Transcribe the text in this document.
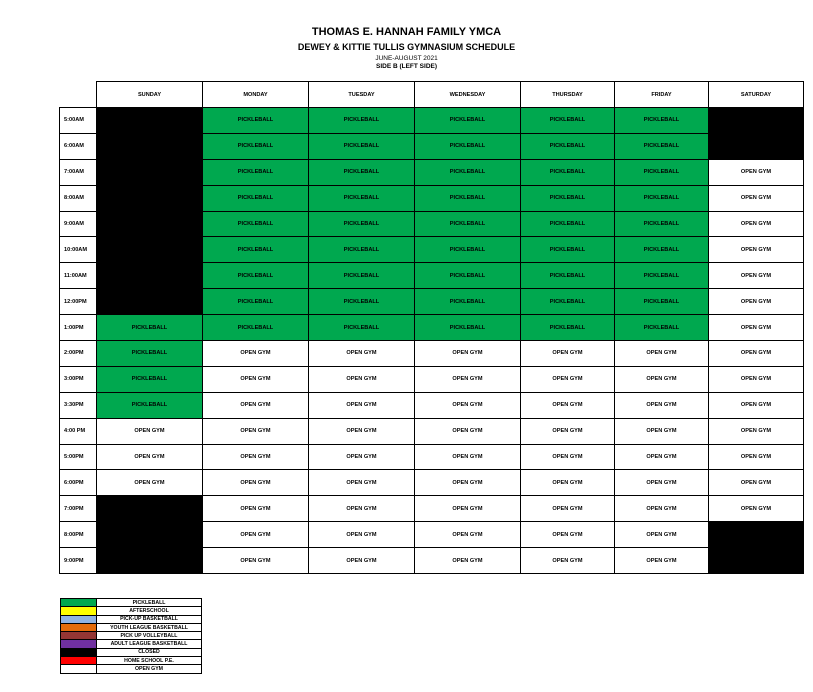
THOMAS E. HANNAH FAMILY YMCA
DEWEY & KITTIE TULLIS GYMNASIUM SCHEDULE
JUNE-AUGUST 2021
SIDE B (LEFT SIDE)
	SUNDAY	MONDAY	TUESDAY	WEDNESDAY	THURSDAY	FRIDAY	SATURDAY
5:00AM		PICKLEBALL	PICKLEBALL	PICKLEBALL	PICKLEBALL	PICKLEBALL	
6:00AM		PICKLEBALL	PICKLEBALL	PICKLEBALL	PICKLEBALL	PICKLEBALL	
7:00AM		PICKLEBALL	PICKLEBALL	PICKLEBALL	PICKLEBALL	PICKLEBALL	OPEN GYM
8:00AM		PICKLEBALL	PICKLEBALL	PICKLEBALL	PICKLEBALL	PICKLEBALL	OPEN GYM
9:00AM		PICKLEBALL	PICKLEBALL	PICKLEBALL	PICKLEBALL	PICKLEBALL	OPEN GYM
10:00AM		PICKLEBALL	PICKLEBALL	PICKLEBALL	PICKLEBALL	PICKLEBALL	OPEN GYM
11:00AM		PICKLEBALL	PICKLEBALL	PICKLEBALL	PICKLEBALL	PICKLEBALL	OPEN GYM
12:00PM		PICKLEBALL	PICKLEBALL	PICKLEBALL	PICKLEBALL	PICKLEBALL	OPEN GYM
1:00PM	PICKLEBALL	PICKLEBALL	PICKLEBALL	PICKLEBALL	PICKLEBALL	PICKLEBALL	OPEN GYM
2:00PM	PICKLEBALL	OPEN GYM	OPEN GYM	OPEN GYM	OPEN GYM	OPEN GYM	OPEN GYM
3:00PM	PICKLEBALL	OPEN GYM	OPEN GYM	OPEN GYM	OPEN GYM	OPEN GYM	OPEN GYM
3:30PM	PICKLEBALL	OPEN GYM	OPEN GYM	OPEN GYM	OPEN GYM	OPEN GYM	OPEN GYM
4:00 PM	OPEN GYM	OPEN GYM	OPEN GYM	OPEN GYM	OPEN GYM	OPEN GYM	OPEN GYM
5:00PM	OPEN GYM	OPEN GYM	OPEN GYM	OPEN GYM	OPEN GYM	OPEN GYM	OPEN GYM
6:00PM	OPEN GYM	OPEN GYM	OPEN GYM	OPEN GYM	OPEN GYM	OPEN GYM	OPEN GYM
7:00PM		OPEN GYM	OPEN GYM	OPEN GYM	OPEN GYM	OPEN GYM	OPEN GYM
8:00PM		OPEN GYM	OPEN GYM	OPEN GYM	OPEN GYM	OPEN GYM	
9:00PM		OPEN GYM	OPEN GYM	OPEN GYM	OPEN GYM	OPEN GYM	
	PICKLEBALL
	AFTERSCHOOL
	PICK-UP BASKETBALL
	YOUTH LEAGUE BASKETBALL
	PICK UP VOLLEYBALL
	ADULT LEAGUE BASKETBALL
	CLOSED
	HOME SCHOOL P.E.
	OPEN GYM
